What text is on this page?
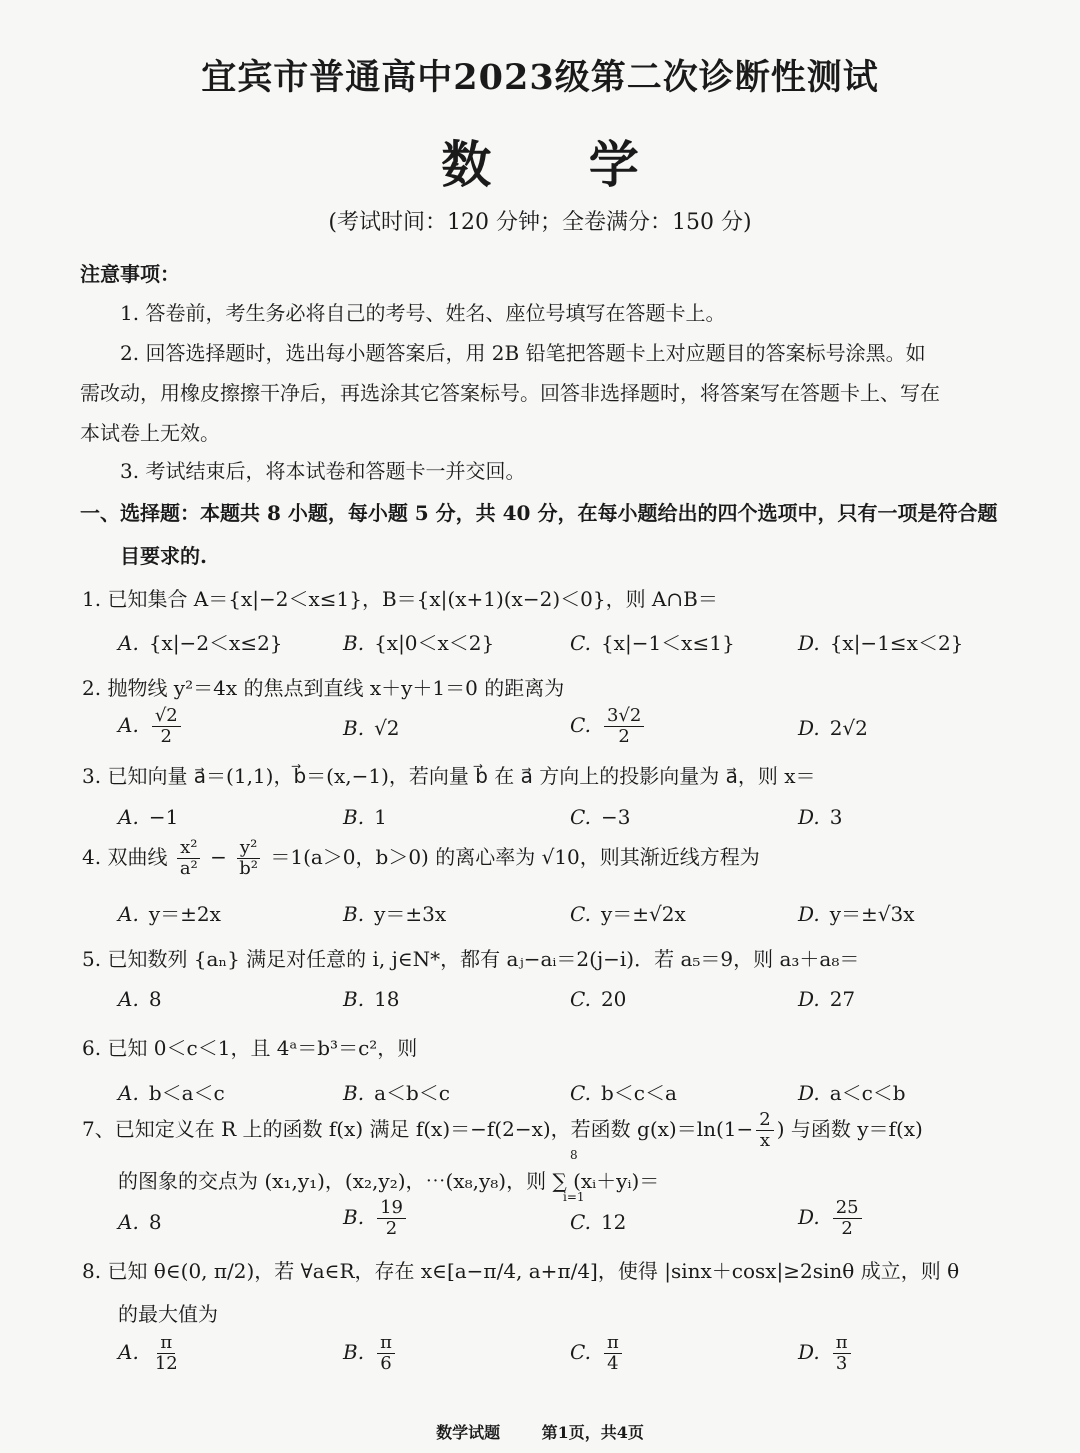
宜宾市普通高中2023级第二次诊断性测试
数 学
(考试时间：120 分钟；全卷满分：150 分)
注意事项：
1. 答卷前，考生务必将自己的考号、姓名、座位号填写在答题卡上。
2. 回答选择题时，选出每小题答案后，用 2B 铅笔把答题卡上对应题目的答案标号涂黑。如
需改动，用橡皮擦擦干净后，再选涂其它答案标号。回答非选择题时，将答案写在答题卡上、写在
本试卷上无效。
3. 考试结束后，将本试卷和答题卡一并交回。
一、选择题：本题共 8 小题，每小题 5 分，共 40 分，在每小题给出的四个选项中，只有一项是符合题
目要求的.
1. 已知集合 A＝{x|−2＜x≤1}，B＝{x|(x+1)(x−2)＜0}，则 A∩B＝
A. {x|−2＜x≤2}	B. {x|0＜x＜2}	C. {x|−1＜x≤1}	D. {x|−1≤x＜2}
2. 抛物线 y²＝4x 的焦点到直线 x＋y＋1＝0 的距离为
A. $\frac{√2}{2}$	B. √2	C. $\frac{3√2}{2}$	D. 2√2
3. 已知向量 a⃗＝(1,1)，b⃗＝(x,−1)，若向量 b⃗ 在 a⃗ 方向上的投影向量为 a⃗，则 x＝
A. −1	B. 1	C. −3	D. 3
4. 双曲线 $\frac{\text{x²}}{\text{a²}} - \frac{\text{y²}}{\text{b²}} =1(a>0$，b＞0) 的离心率为 √10，则其渐近线方程为
A. y＝±2x	B. y＝±3x	C. y＝±√2x	D. y＝±√3x
5. 已知数列 {aₙ} 满足对任意的 i, j∈N*，都有 aⱼ−aᵢ＝2(j−i)．若 a₅＝9，则 a₃＋a₈＝
A. 8	B. 18	C. 20	D. 27
6. 已知 0＜c＜1，且 4ᵃ＝b³＝c²，则
A. b＜a＜c	B. a＜b＜c	C. b＜c＜a	D. a＜c＜b
7、已知定义在 R 上的函数 f(x) 满足 f(x)＝−f(2−x)，若函数 $g(x)=\ln(1- \frac{2}{x}$ ) 与函数 y＝f(x)
的图象的交点为 (x₁,y₁)，(x₂,y₂)，⋯(x₈,y₈)，则 ∑ (xᵢ＋yᵢ)＝
8
i=1
A. 8	B. $\frac{19}{2}$	C. 12	D. $\frac{25}{2}$
8. 已知 θ∈(0, π/2)，若 ∀a∈R，存在 x∈[a−π/4, a+π/4]，使得 |sinx＋cosx|≥2sinθ 成立，则 θ
的最大值为
A. $\frac{\pi}{12}$	B. $\frac{\pi}{6}$	C. $\frac{\pi}{4}$	D. $\frac{\pi}{3}$
数学试题	第1页，共4页
